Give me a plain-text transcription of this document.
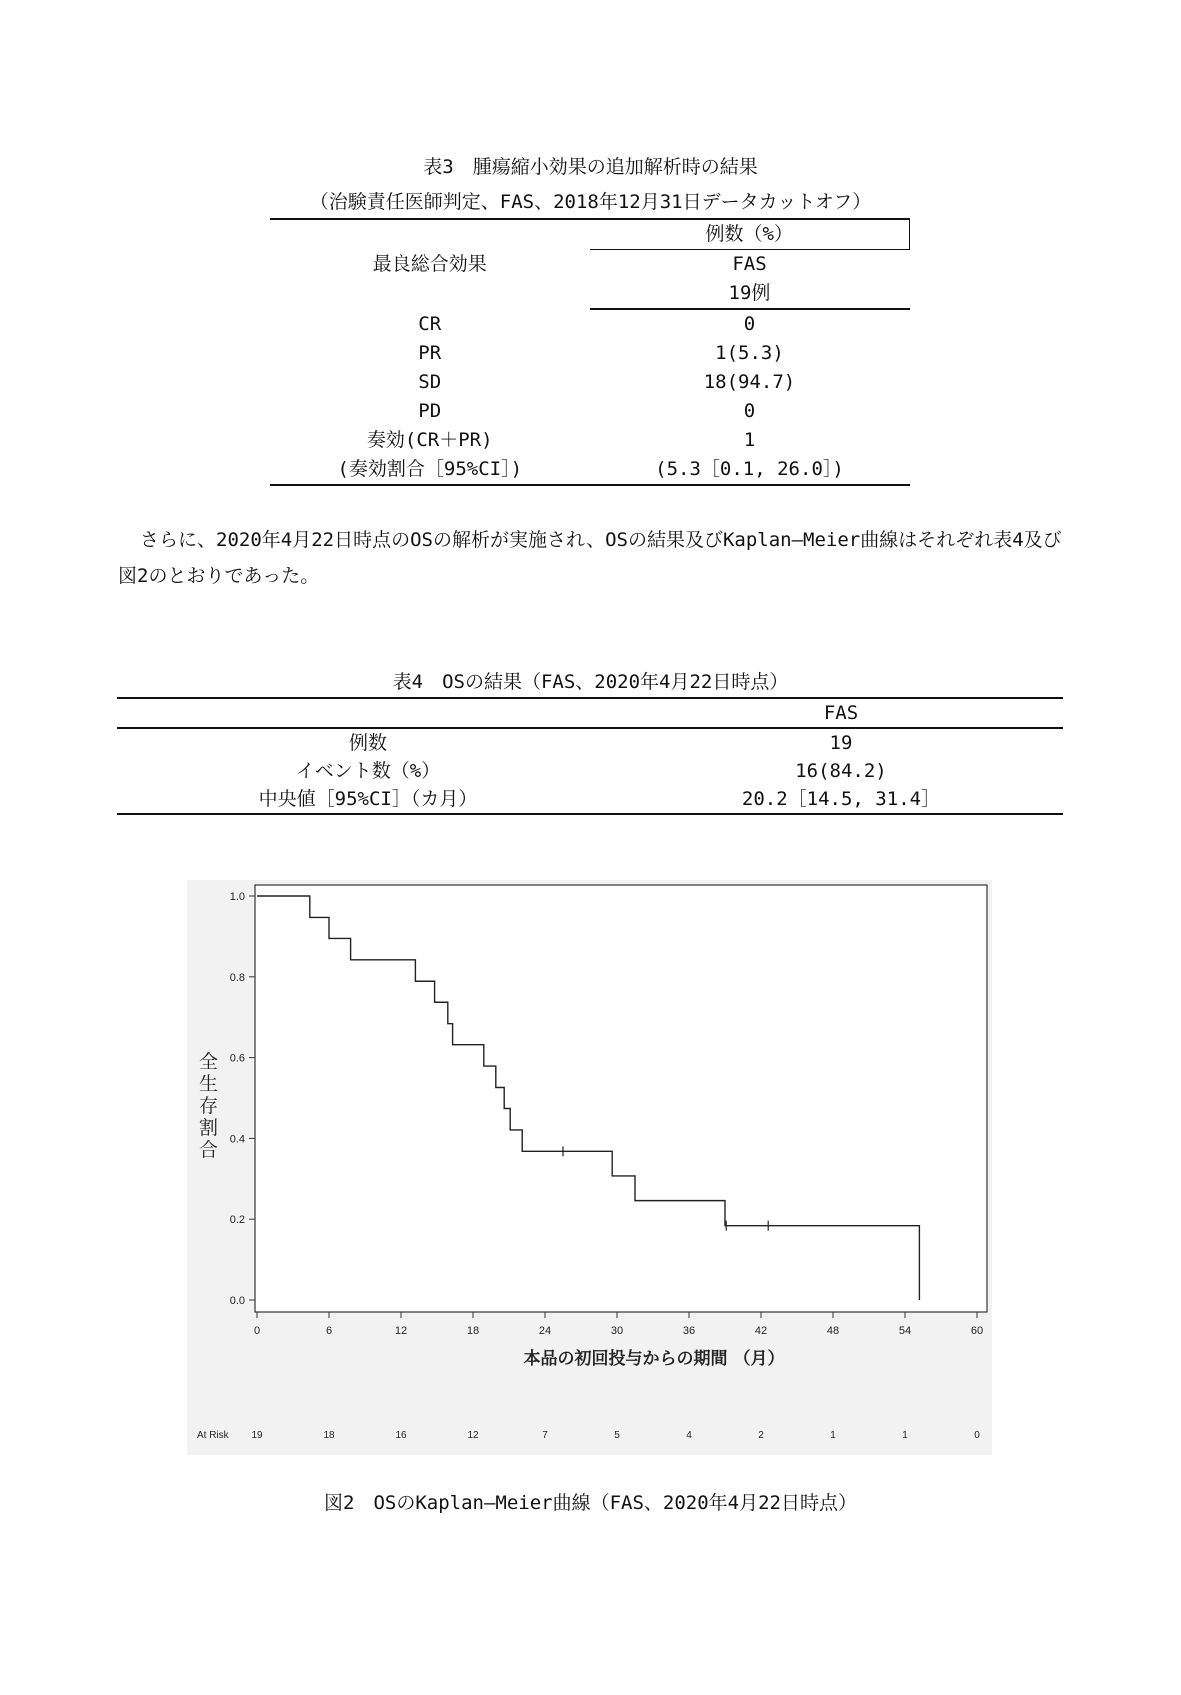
表3　腫瘍縮小効果の追加解析時の結果
（治験責任医師判定、FAS、2018年12月31日データカットオフ）
最良総合効果	例数（%）
	FAS
	19例
CR	0
PR	1(5.3)
SD	18(94.7)
PD	0
奏効(CR＋PR)	1
(奏効割合［95%CI］)	(5.3［0.1, 26.0］)
さらに、2020年4月22日時点のOSの解析が実施され、OSの結果及びKaplan―Meier曲線はそれぞれ表4及び図2のとおりであった。
表4　OSの結果（FAS、2020年4月22日時点）
	FAS
例数	19
イベント数（%）	16(84.2)
中央値［95%CI］（カ月）	20.2［14.5, 31.4］
0.0
0.2
0.4
0.6
0.8
1.0
0	6	12	18	24	30	36	42	48	54	60
19	18	16	12	7	5	4	2	1	1	0
全生存割合
本品の初回投与からの期間 （月）
At Risk
図2　OSのKaplan―Meier曲線（FAS、2020年4月22日時点）
